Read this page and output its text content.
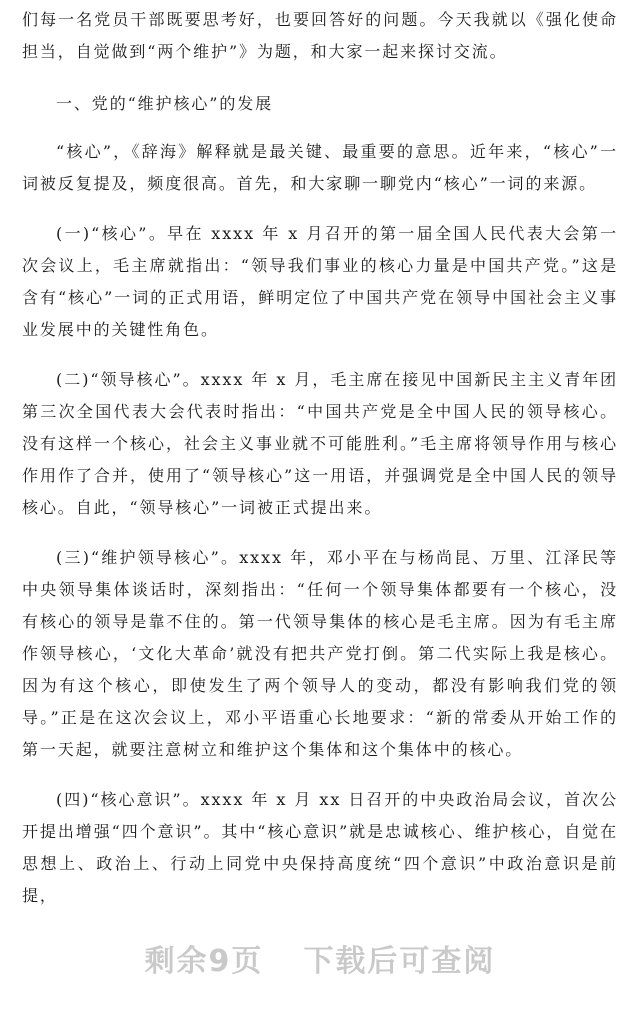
们每一名党员干部既要思考好，也要回答好的问题。今天我就以《强化使命担当，自觉做到“两个维护”》为题，和大家一起来探讨交流。

一、党的“维护核心”的发展

“核心”，《辞海》解释就是最关键、最重要的意思。近年来，“核心”一词被反复提及，频度很高。首先，和大家聊一聊党内“核心”一词的来源。

(一)“核心”。早在 xxxx 年 x 月召开的第一届全国人民代表大会第一次会议上，毛主席就指出：“领导我们事业的核心力量是中国共产党。”这是含有“核心”一词的正式用语，鲜明定位了中国共产党在领导中国社会主义事业发展中的关键性角色。

(二)“领导核心”。xxxx 年 x 月，毛主席在接见中国新民主主义青年团第三次全国代表大会代表时指出：“中国共产党是全中国人民的领导核心。没有这样一个核心，社会主义事业就不可能胜利。”毛主席将领导作用与核心作用作了合并，使用了“领导核心”这一用语，并强调党是全中国人民的领导核心。自此，“领导核心”一词被正式提出来。

(三)“维护领导核心”。xxxx 年，邓小平在与杨尚昆、万里、江泽民等中央领导集体谈话时，深刻指出：“任何一个领导集体都要有一个核心，没有核心的领导是靠不住的。第一代领导集体的核心是毛主席。因为有毛主席作领导核心，‘文化大革命’就没有把共产党打倒。第二代实际上我是核心。因为有这个核心，即使发生了两个领导人的变动，都没有影响我们党的领导。”正是在这次会议上，邓小平语重心长地要求：“新的常委从开始工作的第一天起，就要注意树立和维护这个集体和这个集体中的核心。

(四)“核心意识”。xxxx 年 x 月 xx 日召开的中央政治局会议，首次公开提出增强“四个意识”。其中“核心意识”就是忠诚核心、维护核心，自觉在思想上、政治上、行动上同党中央保持高度统“四个意识”中政治意识是前提，

剩余9页 下载后可查阅
